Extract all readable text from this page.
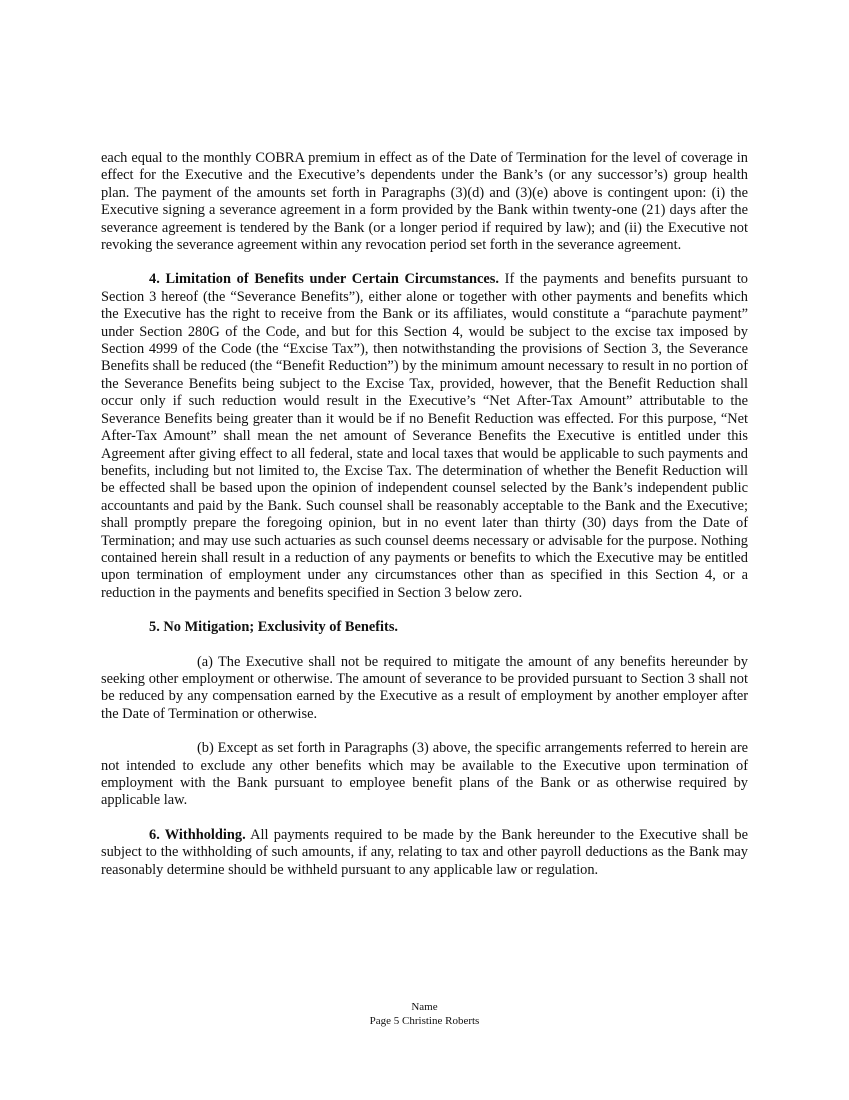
each equal to the monthly COBRA premium in effect as of the Date of Termination for the level of coverage in effect for the Executive and the Executive’s dependents under the Bank’s (or any successor’s) group health plan. The payment of the amounts set forth in Paragraphs (3)(d) and (3)(e) above is contingent upon: (i) the Executive signing a severance agreement in a form provided by the Bank within twenty-one (21) days after the severance agreement is tendered by the Bank (or a longer period if required by law); and (ii) the Executive not revoking the severance agreement within any revocation period set forth in the severance agreement.

4. Limitation of Benefits under Certain Circumstances. If the payments and benefits pursuant to Section 3 hereof (the “Severance Benefits”), either alone or together with other payments and benefits which the Executive has the right to receive from the Bank or its affiliates, would constitute a “parachute payment” under Section 280G of the Code, and but for this Section 4, would be subject to the excise tax imposed by Section 4999 of the Code (the “Excise Tax”), then notwithstanding the provisions of Section 3, the Severance Benefits shall be reduced (the “Benefit Reduction”) by the minimum amount necessary to result in no portion of the Severance Benefits being subject to the Excise Tax, provided, however, that the Benefit Reduction shall occur only if such reduction would result in the Executive’s “Net After-Tax Amount” attributable to the Severance Benefits being greater than it would be if no Benefit Reduction was effected. For this purpose, “Net After-Tax Amount” shall mean the net amount of Severance Benefits the Executive is entitled under this Agreement after giving effect to all federal, state and local taxes that would be applicable to such payments and benefits, including but not limited to, the Excise Tax. The determination of whether the Benefit Reduction will be effected shall be based upon the opinion of independent counsel selected by the Bank’s independent public accountants and paid by the Bank. Such counsel shall be reasonably acceptable to the Bank and the Executive; shall promptly prepare the foregoing opinion, but in no event later than thirty (30) days from the Date of Termination; and may use such actuaries as such counsel deems necessary or advisable for the purpose. Nothing contained herein shall result in a reduction of any payments or benefits to which the Executive may be entitled upon termination of employment under any circumstances other than as specified in this Section 4, or a reduction in the payments and benefits specified in Section 3 below zero.

5. No Mitigation; Exclusivity of Benefits.

(a) The Executive shall not be required to mitigate the amount of any benefits hereunder by seeking other employment or otherwise. The amount of severance to be provided pursuant to Section 3 shall not be reduced by any compensation earned by the Executive as a result of employment by another employer after the Date of Termination or otherwise.

(b) Except as set forth in Paragraphs (3) above, the specific arrangements referred to herein are not intended to exclude any other benefits which may be available to the Executive upon termination of employment with the Bank pursuant to employee benefit plans of the Bank or as otherwise required by applicable law.

6. Withholding. All payments required to be made by the Bank hereunder to the Executive shall be subject to the withholding of such amounts, if any, relating to tax and other payroll deductions as the Bank may reasonably determine should be withheld pursuant to any applicable law or regulation.

Name
Page 5 Christine Roberts
